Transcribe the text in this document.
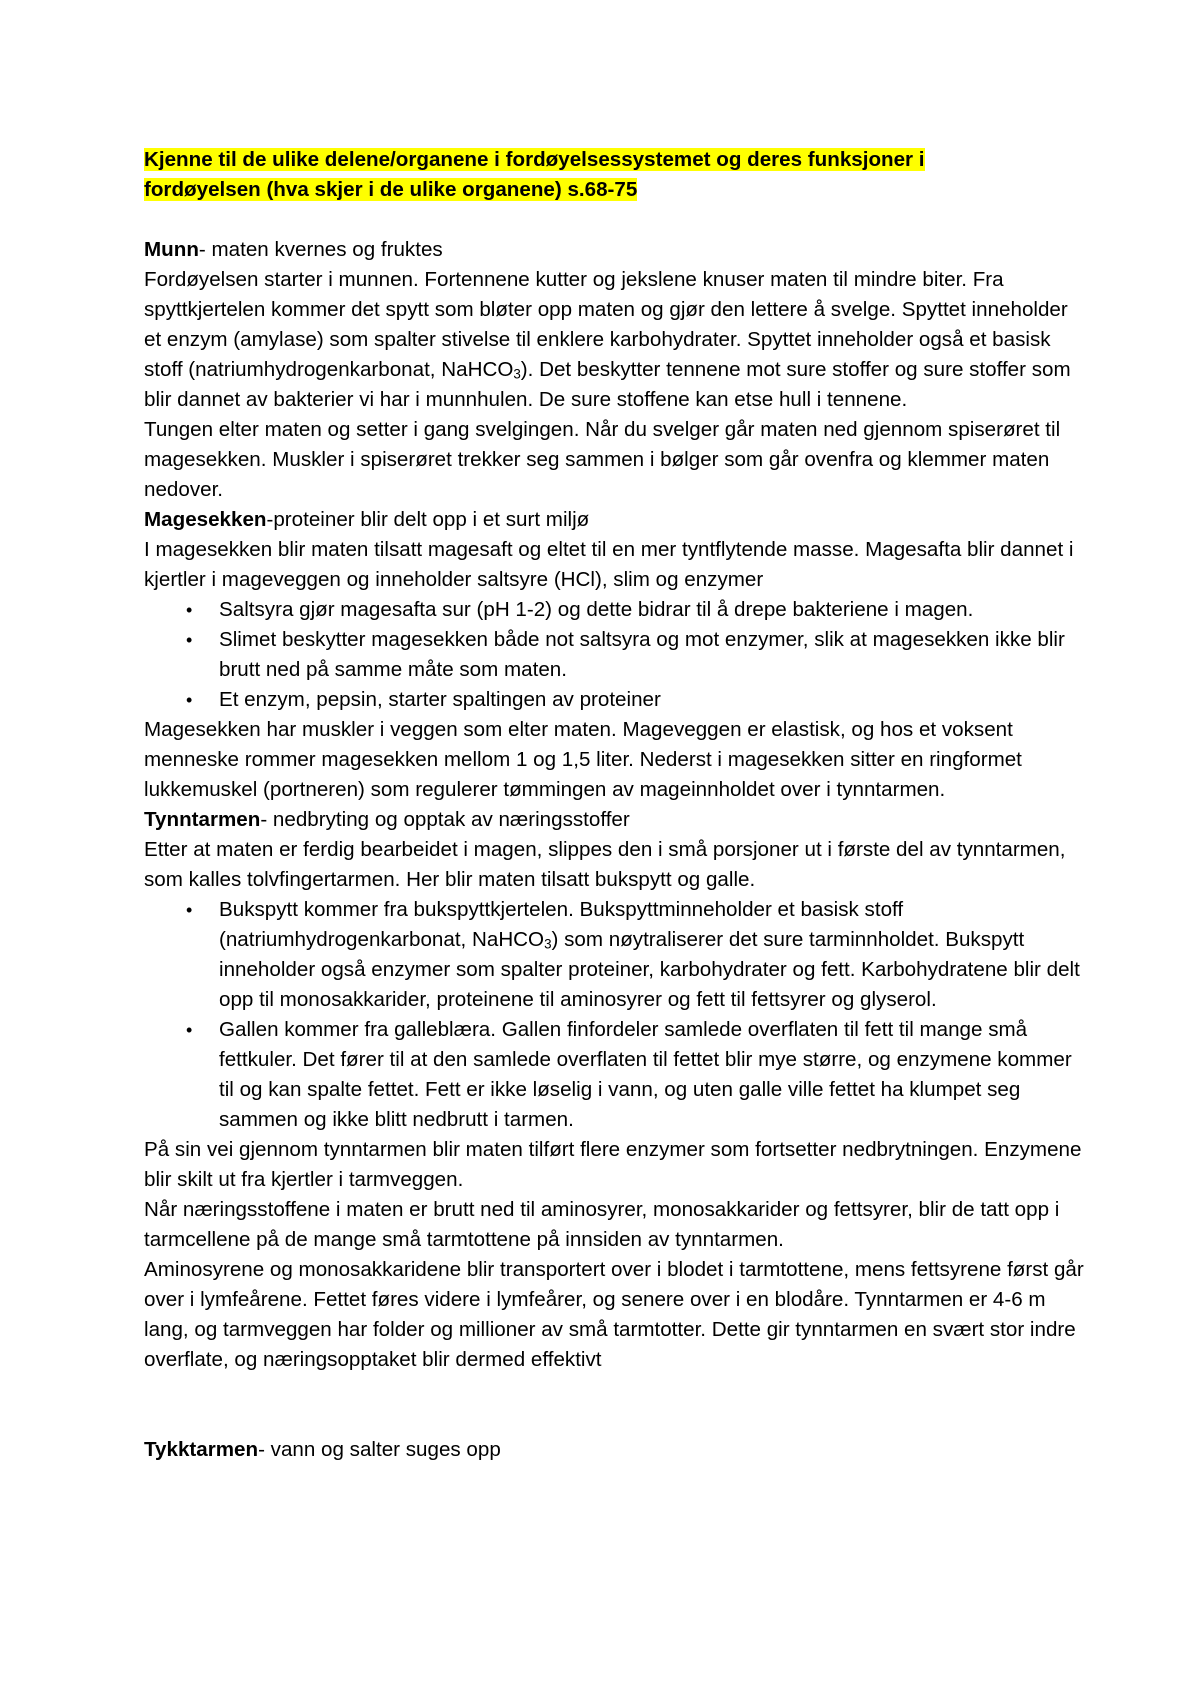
Kjenne til de ulike delene/organene i fordøyelsessystemet og deres funksjoner i
fordøyelsen (hva skjer i de ulike organene) s.68-75

Munn- maten kvernes og fruktes

Fordøyelsen starter i munnen. Fortennene kutter og jekslene knuser maten til mindre biter. Fra spyttkjertelen kommer det spytt som bløter opp maten og gjør den lettere å svelge. Spyttet inneholder et enzym (amylase) som spalter stivelse til enklere karbohydrater. Spyttet inneholder også et basisk stoff (natriumhydrogenkarbonat, NaHCO$_3$). Det beskytter tennene mot sure stoffer og sure stoffer som blir dannet av bakterier vi har i munnhulen. De sure stoffene kan etse hull i tennene.

Tungen elter maten og setter i gang svelgingen. Når du svelger går maten ned gjennom spiserøret til magesekken. Muskler i spiserøret trekker seg sammen i bølger som går ovenfra og klemmer maten nedover.

Magesekken-proteiner blir delt opp i et surt miljø

I magesekken blir maten tilsatt magesaft og eltet til en mer tyntflytende masse. Magesafta blir dannet i kjertler i mageveggen og inneholder saltsyre (HCl), slim og enzymer

• Saltsyra gjør magesafta sur (pH 1-2) og dette bidrar til å drepe bakteriene i magen.
• Slimet beskytter magesekken både not saltsyra og mot enzymer, slik at magesekken ikke blir brutt ned på samme måte som maten.
• Et enzym, pepsin, starter spaltingen av proteiner

Magesekken har muskler i veggen som elter maten. Mageveggen er elastisk, og hos et voksent menneske rommer magesekken mellom 1 og 1,5 liter. Nederst i magesekken sitter en ringformet lukkemuskel (portneren) som regulerer tømmingen av mageinnholdet over i tynntarmen.

Tynntarmen- nedbryting og opptak av næringsstoffer

Etter at maten er ferdig bearbeidet i magen, slippes den i små porsjoner ut i første del av tynntarmen, som kalles tolvfingertarmen. Her blir maten tilsatt bukspytt og galle.

• Bukspytt kommer fra bukspyttkjertelen. Bukspyttminneholder et basisk stoff (natriumhydrogenkarbonat, NaHCO$_3$) som nøytraliserer det sure tarminnholdet. Bukspytt inneholder også enzymer som spalter proteiner, karbohydrater og fett. Karbohydratene blir delt opp til monosakkarider, proteinene til aminosyrer og fett til fettsyrer og glyserol.
• Gallen kommer fra galleblæra. Gallen finfordeler samlede overflaten til fett til mange små fettkuler. Det fører til at den samlede overflaten til fettet blir mye større, og enzymene kommer til og kan spalte fettet. Fett er ikke løselig i vann, og uten galle ville fettet ha klumpet seg sammen og ikke blitt nedbrutt i tarmen.

På sin vei gjennom tynntarmen blir maten tilført flere enzymer som fortsetter nedbrytningen. Enzymene blir skilt ut fra kjertler i tarmveggen.

Når næringsstoffene i maten er brutt ned til aminosyrer, monosakkarider og fettsyrer, blir de tatt opp i tarmcellene på de mange små tarmtottene på innsiden av tynntarmen.

Aminosyrene og monosakkaridene blir transportert over i blodet i tarmtottene, mens fettsyrene først går over i lymfeårene. Fettet føres videre i lymfeårer, og senere over i en blodåre. Tynntarmen er 4-6 m lang, og tarmveggen har folder og millioner av små tarmtotter. Dette gir tynntarmen en svært stor indre overflate, og næringsopptaket blir dermed effektivt

Tykktarmen- vann og salter suges opp
